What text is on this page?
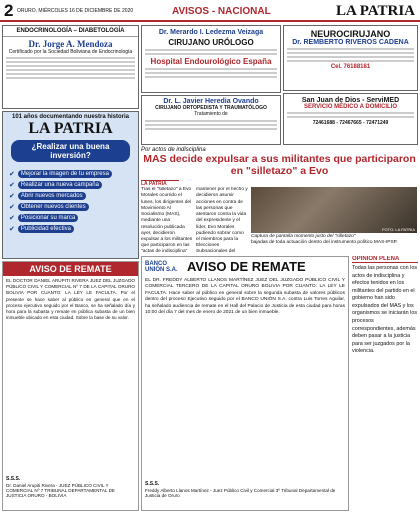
2 ORURO, MIÉRCOLES 16 DE DICIEMBRE DE 2020	AVISOS - NACIONAL	LA PATRIA
ENDOCRINOLOGÍA – DIABETOLOGÍA
Dr. Jorge A. Mendoza
Certificado por la Sociedad Boliviana de Endocrinología
Dr. Merardo I. Ledezma Veizaga
CIRUJANO URÓLOGO
Hospital Endourológico España
NEUROCIRUJANO
Dr. REMBERTO RIVEROS CADENA
Cel. 76188181
Dr. L. Javier Heredia Ovando
CIRUJANO ORTOPEDISTA Y TRAUMATÓLOGO
Tratamiento de
San Juan de Dios - ServiMED
SERVICIO MÉDICO A DOMICILIO
72461688 - 72467665 - 72471249
101 años documentando nuestra historia
LA PATRIA
¿Realizar una buena inversión?
✔	Mejorar la imagen de tu empresa
✔	Realizar una nueva campaña
✔	Abrir nuevos mercados
✔	Obtener nuevos clientes
✔	Posicionar su marca
✔	Publicidad efectiva
Por actos de indisciplina
MAS decide expulsar a sus militantes que participaron en "silletazo" a Evo
LA PATRIA
Tras el "silletazo" a Evo Morales ocurrido el lunes, los dirigentes del Movimiento Al Socialismo (MAS), mediante una resolución publicada ayer, decidieron expulsar a los militantes que participaron en las "actas de indisciplina"
mantener por el hecho y decidieron asumir acciones en contra de las personas que atentaron contra la vida del expresidente y el líder, Evo Morales pudiendo sobrar como el miembros para la Elecciones Subnacionales del
FOTO: LA PATRIA
Captura de pantalla momento justo del "silletazo"
bajadas de toda actuación dentro del instrumento político MAS-IPSP.
AVISO DE REMATE
EL DOCTOR DANIEL ARUPITI RIVERA JUEZ DEL JUZGADO PÚBLICO CIVIL Y COMERCIAL Nº 7 DE LA CAPITAL ORURO BOLIVIA POR CUANTO: LA LEY LE FACULTA. Por el presente se hace saber al público en general que en el proceso ejecutivo seguido por el Banco, se ha señalado día y hora para la subasta y remate en pública subasta de un bien inmueble ubicado en esta ciudad. Sobre la base de su valor.
S.S.S.
Dr. Daniel Arupiti Rivera - JUEZ PÚBLICO CIVIL Y COMERCIAL Nº 7 TRIBUNAL DEPARTAMENTAL DE JUSTICIA ORURO - BOLIVIA
BANCO UNIÓN S.A. AVISO DE REMATE
EL DR. FREDDY ALBERTO LLANOS MARTÍNEZ JUEZ DEL JUZGADO PÚBLICO CIVIL Y COMERCIAL TERCERO DE LA CAPITAL ORURO BOLIVIA POR CUANTO: LA LEY LE FACULTA. Hace saber al público en general sobre la segunda subasta de valores públicos dentro del proceso Ejecutivo seguido por el BANCO UNIÓN S.A. contra Luis Torres Aguilar, ha señalado audiencia de remate en el Hall del Palacio de Justicia de esta ciudad para horas 10:00 del día 7 del mes de enero de 2021 de un bien inmueble.
S.S.S.
Freddy Alberto Llanos Martínez - Juez Público Civil y Comercial 3º Tribunal Departamental de Justicia de Oruro
OPINIÓN PLENA
Todas las personas con los actos de indisciplina y efectos tenidos en los militantes del partido en el gobierno han sido expulsados del MAS y los organismos se iniciarán los procesos correspondientes, además deben pasar a la justicia para ser juzgados por la violencia.
